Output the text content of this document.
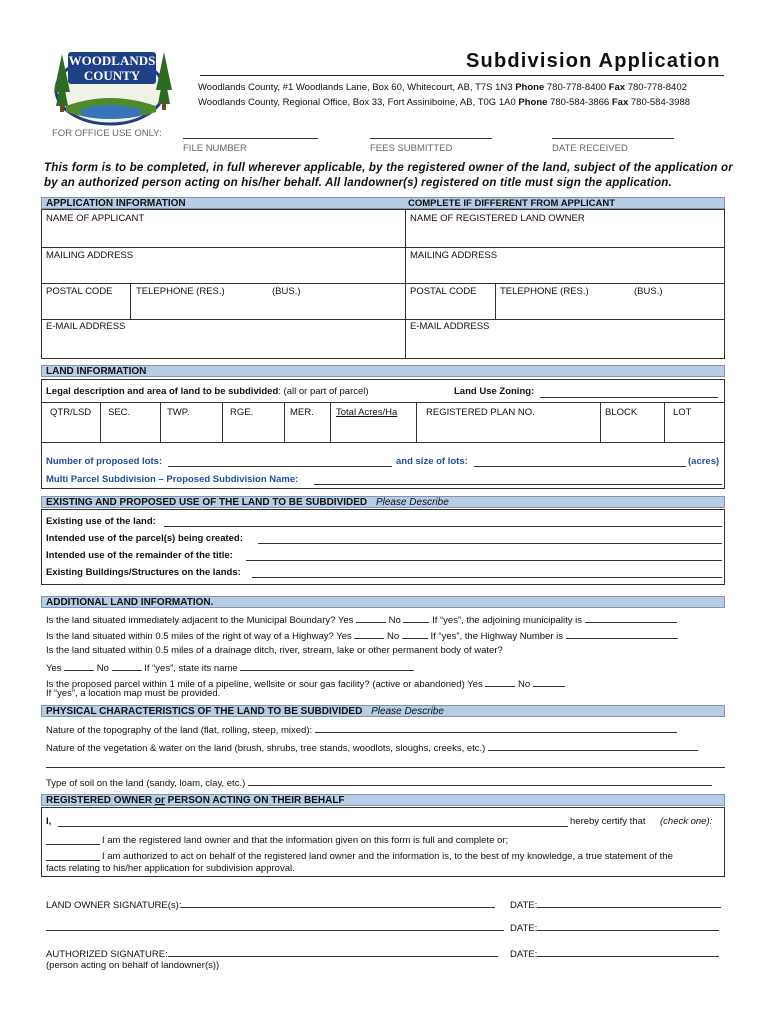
WOODLANDS
COUNTY
Subdivision Application
Woodlands County, #1 Woodlands Lane, Box 60, Whitecourt, AB, T7S 1N3 Phone 780-778-8400 Fax 780-778-8402
Woodlands County, Regional Office, Box 33, Fort Assiniboine, AB, T0G 1A0 Phone 780-584-3866 Fax 780-584-3988
FOR OFFICE USE ONLY:
FILE NUMBER	FEES SUBMITTED	DATE RECEIVED
This form is to be completed, in full wherever applicable, by the registered owner of the land, subject of the application or by an authorized person acting on his/her behalf. All landowner(s) registered on title must sign the application.
APPLICATION INFORMATION	COMPLETE IF DIFFERENT FROM APPLICANT
NAME OF APPLICANT	NAME OF REGISTERED LAND OWNER
MAILING ADDRESS	MAILING ADDRESS
POSTAL CODE TELEPHONE (RES.)	(BUS.)	POSTAL CODE TELEPHONE (RES.)	(BUS.)
E-MAIL ADDRESS	E-MAIL ADDRESS
LAND INFORMATION
Legal description and area of land to be subdivided: (all or part of parcel)	Land Use Zoning:
QTR/LSD SEC.	TWP.	RGE.	MER. Total Acres/Ha	REGISTERED PLAN NO.	BLOCK	LOT
Number of proposed lots:	and size of lots:	(acres)
Multi Parcel Subdivision – Proposed Subdivision Name:
EXISTING AND PROPOSED USE OF THE LAND TO BE SUBDIVIDED Please Describe
Existing use of the land:
Intended use of the parcel(s) being created:
Intended use of the remainder of the title:
Existing Buildings/Structures on the lands:
ADDITIONAL LAND INFORMATION.
Is the land situated immediately adjacent to the Municipal Boundary? Yes	No	If “yes”, the adjoining municipality is
Is the land situated within 0.5 miles of the right of way of a Highway? Yes	No	If “yes”, the Highway Number is
Is the land situated within 0.5 miles of a drainage ditch, river, stream, lake or other permanent body of water?
Yes	No	If “yes”, state its name
Is the proposed parcel within 1 mile of a pipeline, wellsite or sour gas facility? (active or abandoned) Yes	No
If “yes”, a location map must be provided.
PHYSICAL CHARACTERISTICS OF THE LAND TO BE SUBDIVIDED Please Describe
Nature of the topography of the land (flat, rolling, steep, mixed):
Nature of the vegetation & water on the land (brush, shrubs, tree stands, woodlots, sloughs, creeks, etc.)
Type of soil on the land (sandy, loam, clay, etc.)
REGISTERED OWNER or PERSON ACTING ON THEIR BEHALF
I,	hereby certify that (check one):
I am the registered land owner and that the information given on this form is full and complete or;
I am authorized to act on behalf of the registered land owner and the information is, to the best of my knowledge, a true statement of the
facts relating to his/her application for subdivision approval.
LAND OWNER SIGNATURE(s):	DATE:
DATE:
AUTHORIZED SIGNATURE:	DATE:
(person acting on behalf of landowner(s))
